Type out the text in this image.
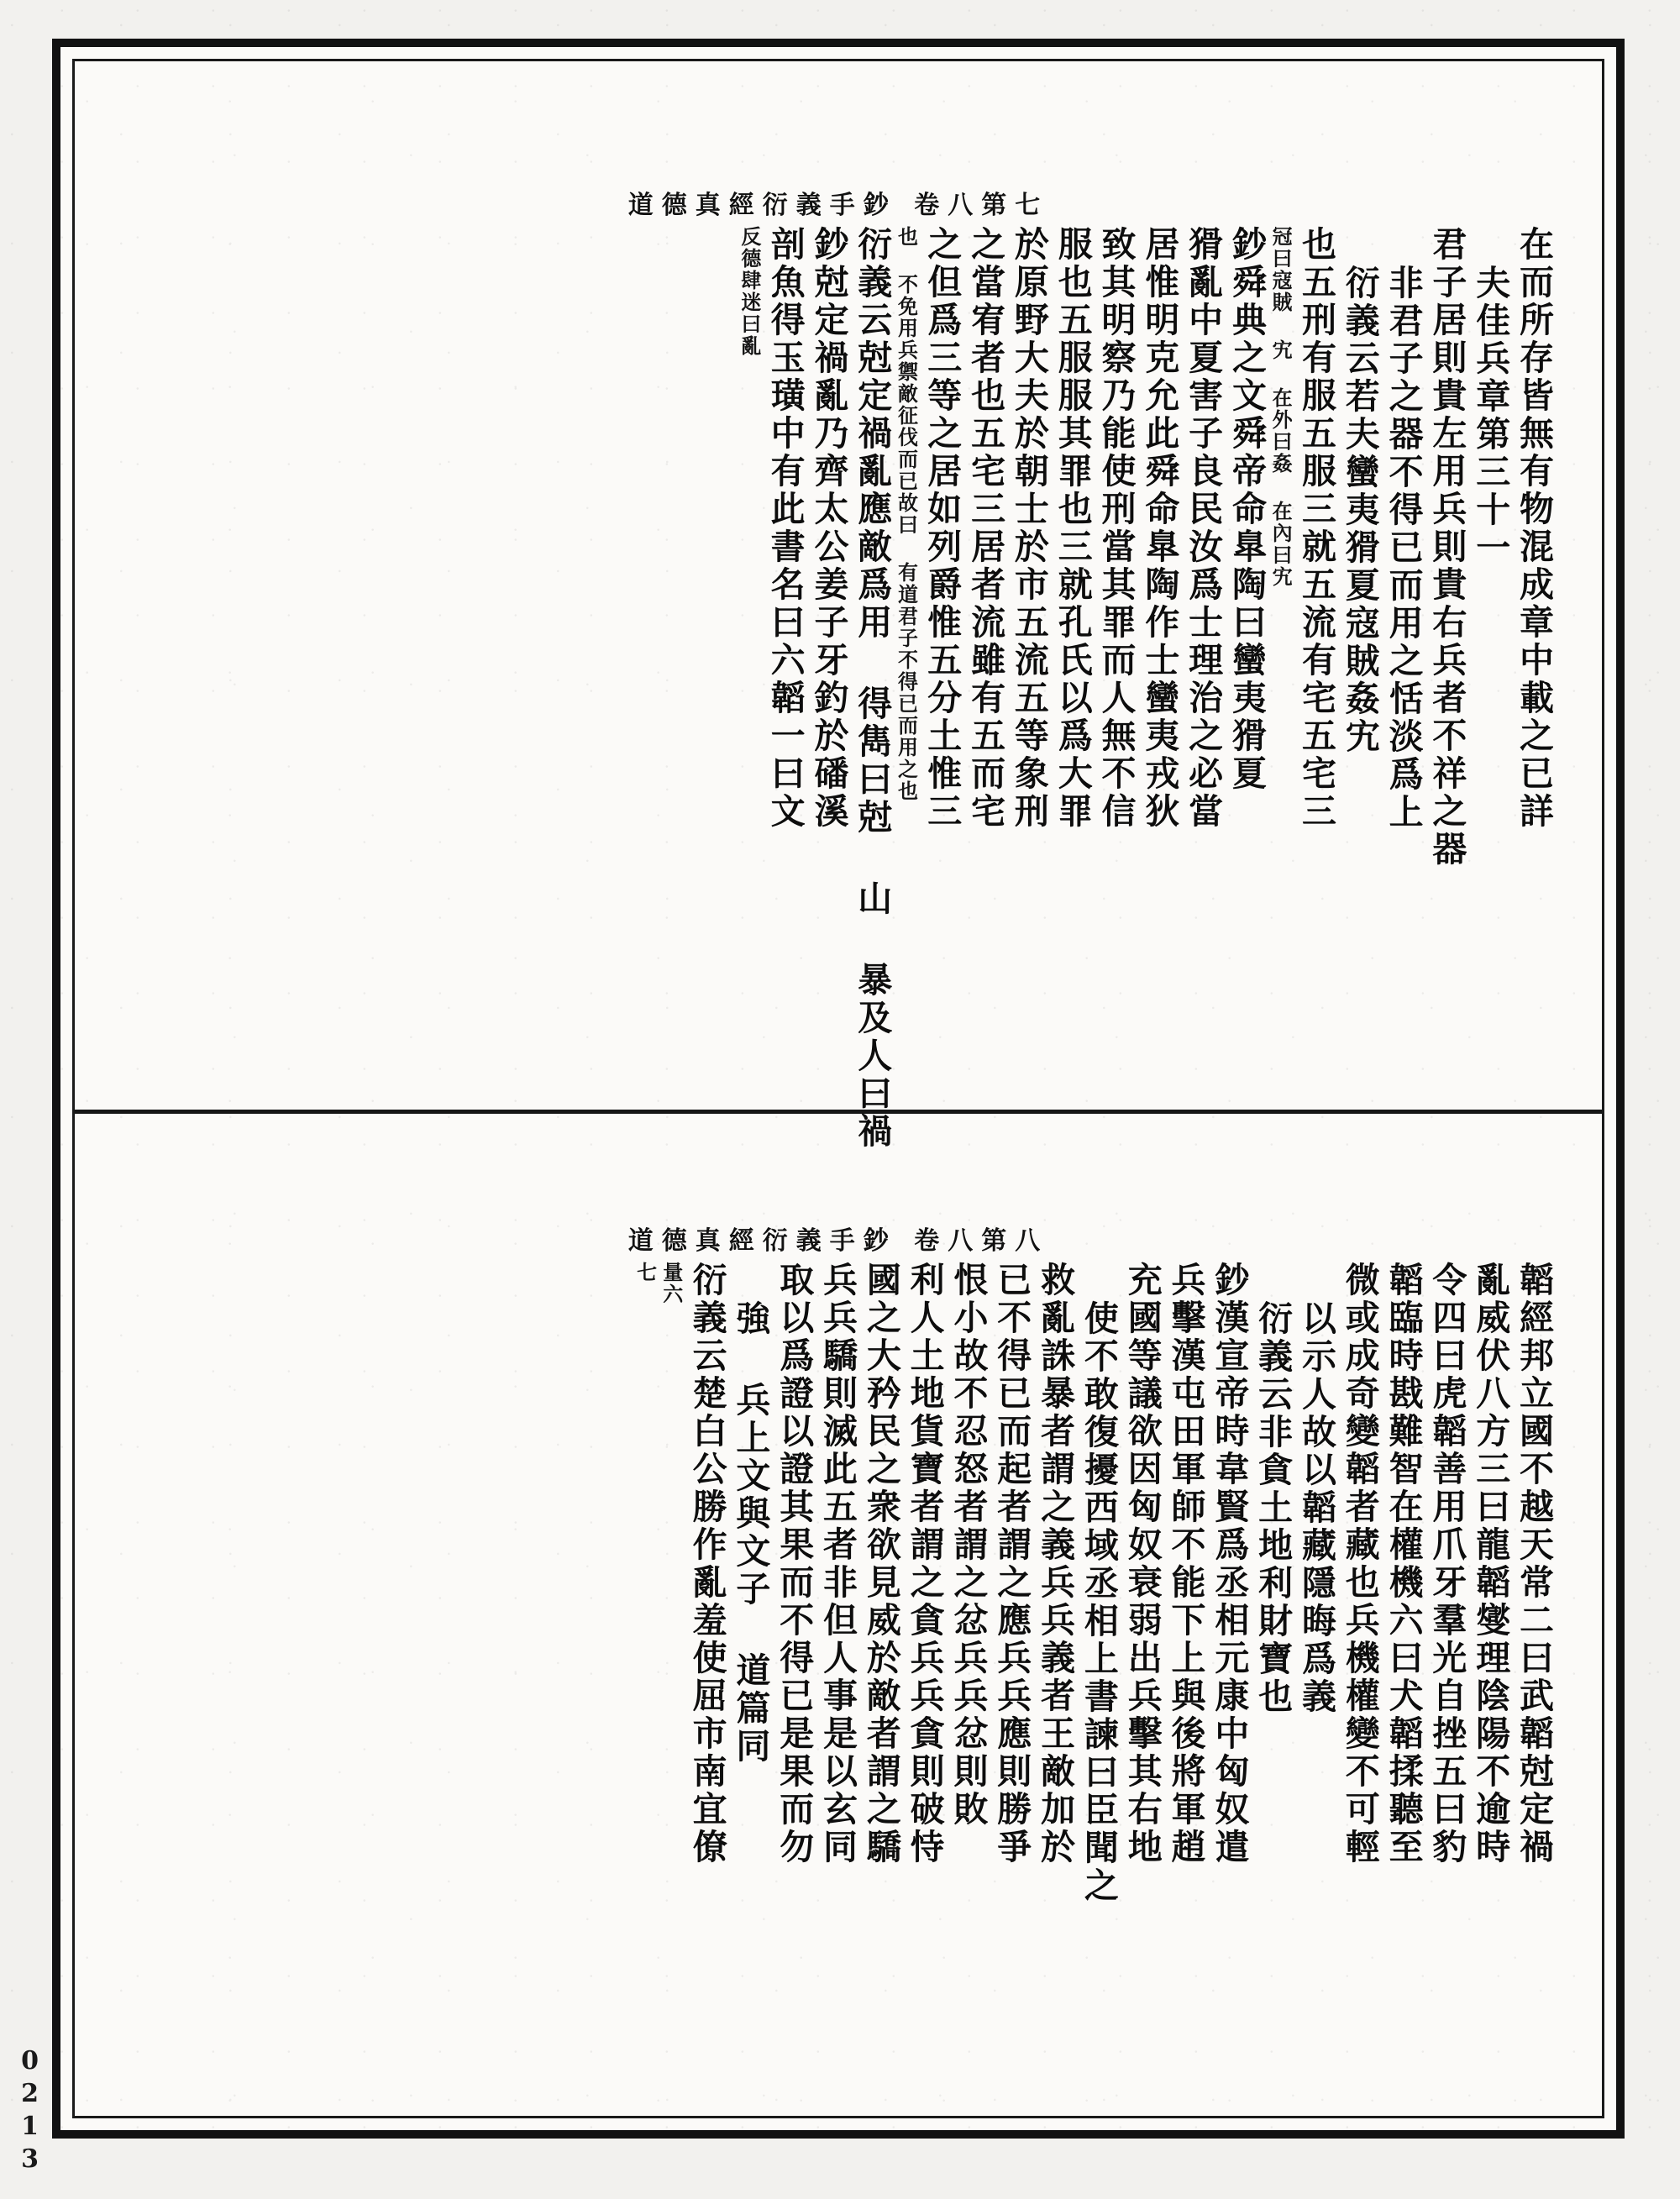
道德真經衍義手鈔 卷八第七
在而所存皆無有物混成章中載之已詳
夫佳兵章第三十一
君子居則貴左用兵則貴右兵者不祥之器
非君子之器不得已而用之恬淡爲上
衍義云若夫蠻夷猾夏寇賊姦宄
也五刑有服五服三就五流有宅五宅三
冠曰寇賊 宄 在外曰姦 在內曰宄
鈔舜典之文舜帝命臯陶曰蠻夷猾夏
猾亂中夏害子良民汝爲士理治之必當
居惟明克允此舜命臯陶作士蠻夷戎狄
致其明察乃能使刑當其罪而人無不信
服也五服服其罪也三就孔氏以爲大罪
於原野大夫於朝士於市五流五等象刑
之當宥者也五宅三居者流雖有五而宅
之但爲三等之居如列爵惟五分土惟三
也 不免用兵禦敵征伐而已故曰 有道君子不得已而用之也
衍義云尅定禍亂應敵爲用 得雋曰尅 山 暴及人曰禍
鈔尅定禍亂乃齊太公姜子牙釣於磻溪
剖魚得玉璜中有此書名曰六韜一曰文
反德肆迷曰亂
道德真經衍義手鈔 卷八第八
韜經邦立國不越天常二曰武韜尅定禍
亂威伏八方三曰龍韜燮理陰陽不逾時
令四曰虎韜善用爪牙羣光自挫五曰豹
韜臨時戡難智在權機六曰犬韜揉聽至
微或成奇變韜者藏也兵機權變不可輕
以示人故以韜藏隱晦爲義
衍義云非貪土地利財寶也
鈔漢宣帝時韋賢爲丞相元康中匈奴遣
兵擊漢屯田軍師不能下上與後將軍趙
充國等議欲因匈奴衰弱出兵擊其右地
使不敢復擾西域丞相上書諫曰臣聞之
救亂誅暴者謂之義兵兵義者王敵加於
已不得已而起者謂之應兵兵應則勝爭
恨小故不忍怒者謂之忿兵兵忿則敗
利人土地貨寶者謂之貪兵兵貪則破恃
國之大矜民之衆欲見威於敵者謂之驕
兵兵驕則滅此五者非但人事是以玄同
取以爲證以證其果而不得已是果而勿
強 兵上文與文子 道篇同
衍義云楚白公勝作亂羞使屈市南宜僚
量六
七
0213
